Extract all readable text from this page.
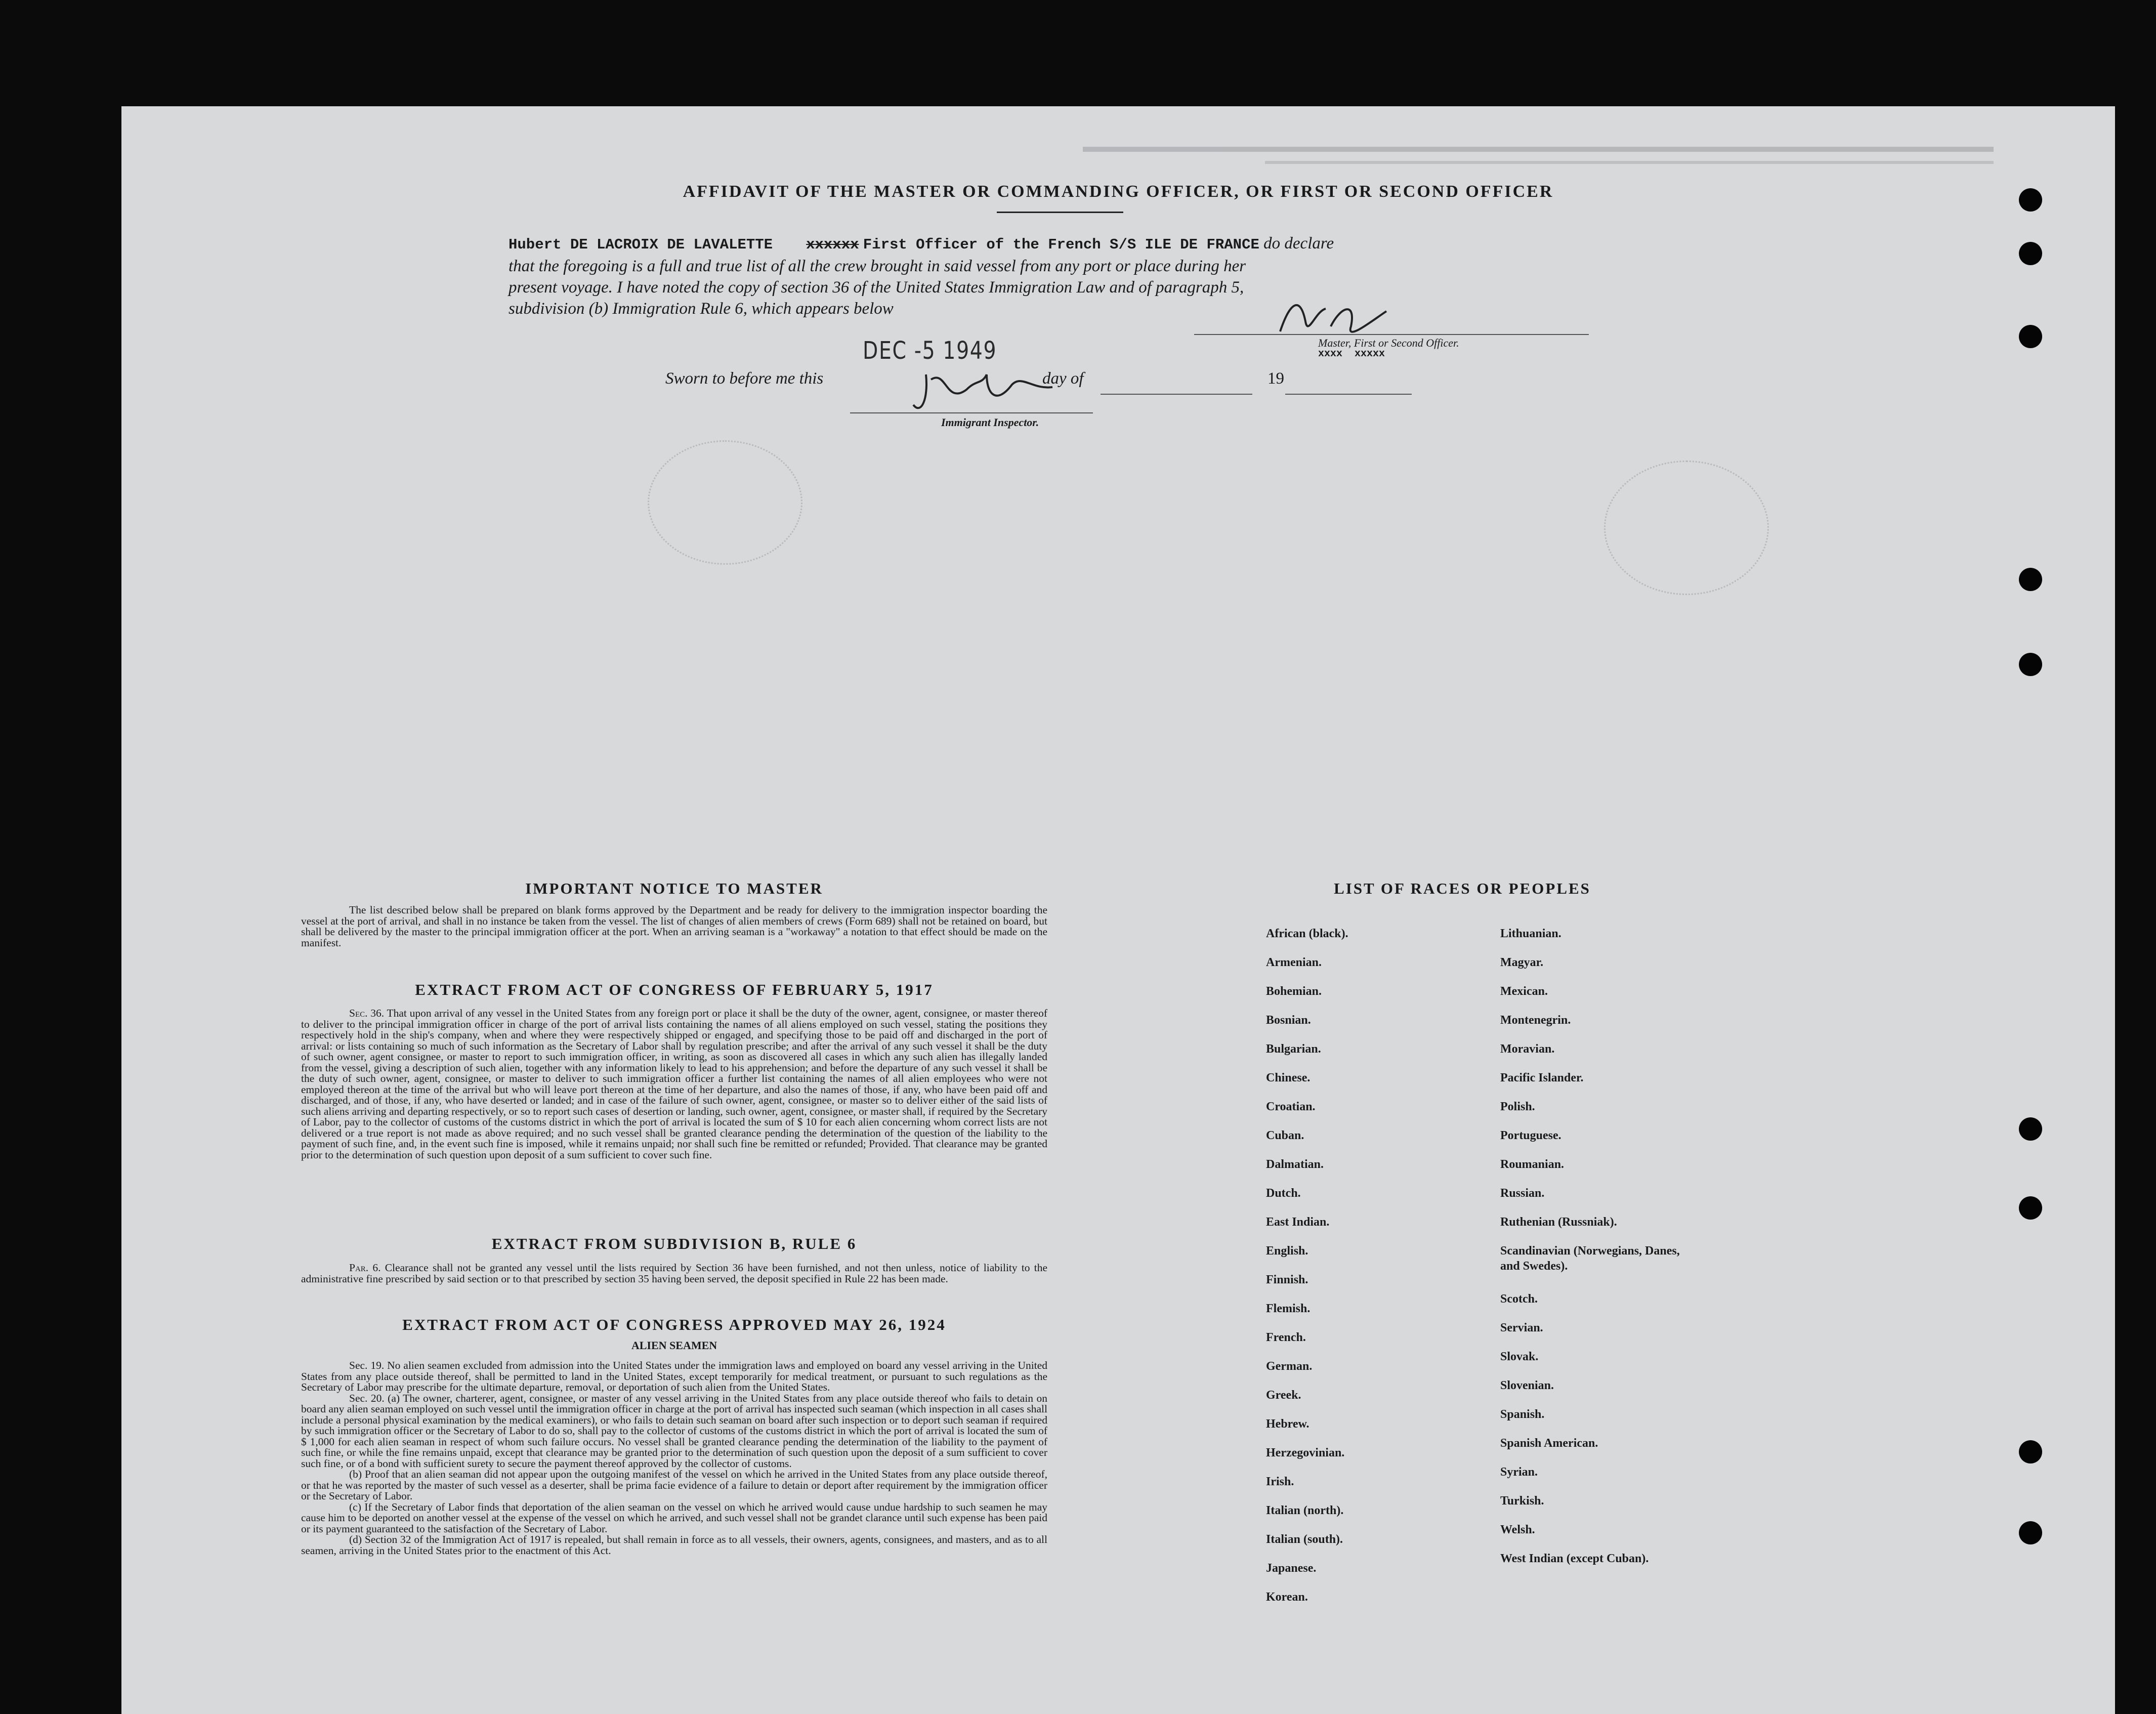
AFFIDAVIT OF THE MASTER OR COMMANDING OFFICER, OR FIRST OR SECOND OFFICER
Hubert DE LACROIX DE LAVALETTE xxxxxx First Officer of the French S/S ILE DE FRANCE do declare
that the foregoing is a full and true list of all the crew brought in said vessel from any port or place during her
present voyage. I have noted the copy of section 36 of the United States Immigration Law and of paragraph 5,
subdivision (b) Immigration Rule 6, which appears below
Master, First or Second Officer.
xxxx  xxxxx
Sworn to before me this
DEC -5 1949
day of	19
Immigrant Inspector.
IMPORTANT NOTICE TO MASTER

The list described below shall be prepared on blank forms approved by the Department and be ready for delivery to the immigration inspector boarding the vessel at the port of arrival, and shall in no instance be taken from the vessel. The list of changes of alien members of crews (Form 689) shall not be retained on board, but shall be delivered by the master to the principal immigration officer at the port. When an arriving seaman is a "workaway" a notation to that effect should be made on the manifest.

EXTRACT FROM ACT OF CONGRESS OF FEBRUARY 5, 1917

Sec. 36. That upon arrival of any vessel in the United States from any foreign port or place it shall be the duty of the owner, agent, consignee, or master thereof to deliver to the principal immigration officer in charge of the port of arrival lists containing the names of all aliens employed on such vessel, stating the positions they respectively hold in the ship's company, when and where they were respectively shipped or engaged, and specifying those to be paid off and discharged in the port of arrival: or lists containing so much of such information as the Secretary of Labor shall by regulation prescribe; and after the arrival of any such vessel it shall be the duty of such owner, agent consignee, or master to report to such immigration officer, in writing, as soon as discovered all cases in which any such alien has illegally landed from the vessel, giving a description of such alien, together with any information likely to lead to his apprehension; and before the departure of any such vessel it shall be the duty of such owner, agent, consignee, or master to deliver to such immigration officer a further list containing the names of all alien employees who were not employed thereon at the time of the arrival but who will leave port thereon at the time of her departure, and also the names of those, if any, who have been paid off and discharged, and of those, if any, who have deserted or landed; and in case of the failure of such owner, agent, consignee, or master so to deliver either of the said lists of such aliens arriving and departing respectively, or so to report such cases of desertion or landing, such owner, agent, consignee, or master shall, if required by the Secretary of Labor, pay to the collector of customs of the customs district in which the port of arrival is located the sum of $ 10 for each alien concerning whom correct lists are not delivered or a true report is not made as above required; and no such vessel shall be granted clearance pending the determination of the question of the liability to the payment of such fine, and, in the event such fine is imposed, while it remains unpaid; nor shall such fine be remitted or refunded; Provided. That clearance may be granted prior to the determination of such question upon deposit of a sum sufficient to cover such fine.

EXTRACT FROM SUBDIVISION B, RULE 6

Par. 6. Clearance shall not be granted any vessel until the lists required by Section 36 have been furnished, and not then unless, notice of liability to the administrative fine prescribed by said section or to that prescribed by section 35 having been served, the deposit specified in Rule 22 has been made.

EXTRACT FROM ACT OF CONGRESS APPROVED MAY 26, 1924
ALIEN SEAMEN

Sec. 19. No alien seamen excluded from admission into the United States under the immigration laws and employed on board any vessel arriving in the United States from any place outside thereof, shall be permitted to land in the United States, except temporarily for medical treatment, or pursuant to such regulations as the Secretary of Labor may prescribe for the ultimate departure, removal, or deportation of such alien from the United States.

Sec. 20. (a) The owner, charterer, agent, consignee, or master of any vessel arriving in the United States from any place outside thereof who fails to detain on board any alien seaman employed on such vessel until the immigration officer in charge at the port of arrival has inspected such seaman (which inspection in all cases shall include a personal physical examination by the medical examiners), or who fails to detain such seaman on board after such inspection or to deport such seaman if required by such immigration officer or the Secretary of Labor to do so, shall pay to the collector of customs of the customs district in which the port of arrival is located the sum of $ 1,000 for each alien seaman in respect of whom such failure occurs. No vessel shall be granted clearance pending the determination of the liability to the payment of such fine, or while the fine remains unpaid, except that clearance may be granted prior to the determination of such question upon the deposit of a sum sufficient to cover such fine, or of a bond with sufficient surety to secure the payment thereof approved by the collector of customs.

(b) Proof that an alien seaman did not appear upon the outgoing manifest of the vessel on which he arrived in the United States from any place outside thereof, or that he was reported by the master of such vessel as a deserter, shall be prima facie evidence of a failure to detain or deport after requirement by the immigration officer or the Secretary of Labor.

(c) If the Secretary of Labor finds that deportation of the alien seaman on the vessel on which he arrived would cause undue hardship to such seamen he may cause him to be deported on another vessel at the expense of the vessel on which he arrived, and such vessel shall not be grandet clarance until such expense has been paid or its payment guaranteed to the satisfaction of the Secretary of Labor.

(d) Section 32 of the Immigration Act of 1917 is repealed, but shall remain in force as to all vessels, their owners, agents, consignees, and masters, and as to all seamen, arriving in the United States prior to the enactment of this Act.

LIST OF RACES OR PEOPLES
African (black).
Armenian.
Bohemian.
Bosnian.
Bulgarian.
Chinese.
Croatian.
Cuban.
Dalmatian.
Dutch.
East Indian.
English.
Finnish.
Flemish.
French.
German.
Greek.
Hebrew.
Herzegovinian.
Irish.
Italian (north).
Italian (south).
Japanese.
Korean.
Lithuanian.
Magyar.
Mexican.
Montenegrin.
Moravian.
Pacific Islander.
Polish.
Portuguese.
Roumanian.
Russian.
Ruthenian (Russniak).
Scandinavian (Norwegians, Danes, and Swedes).
Scotch.
Servian.
Slovak.
Slovenian.
Spanish.
Spanish American.
Syrian.
Turkish.
Welsh.
West Indian (except Cuban).
